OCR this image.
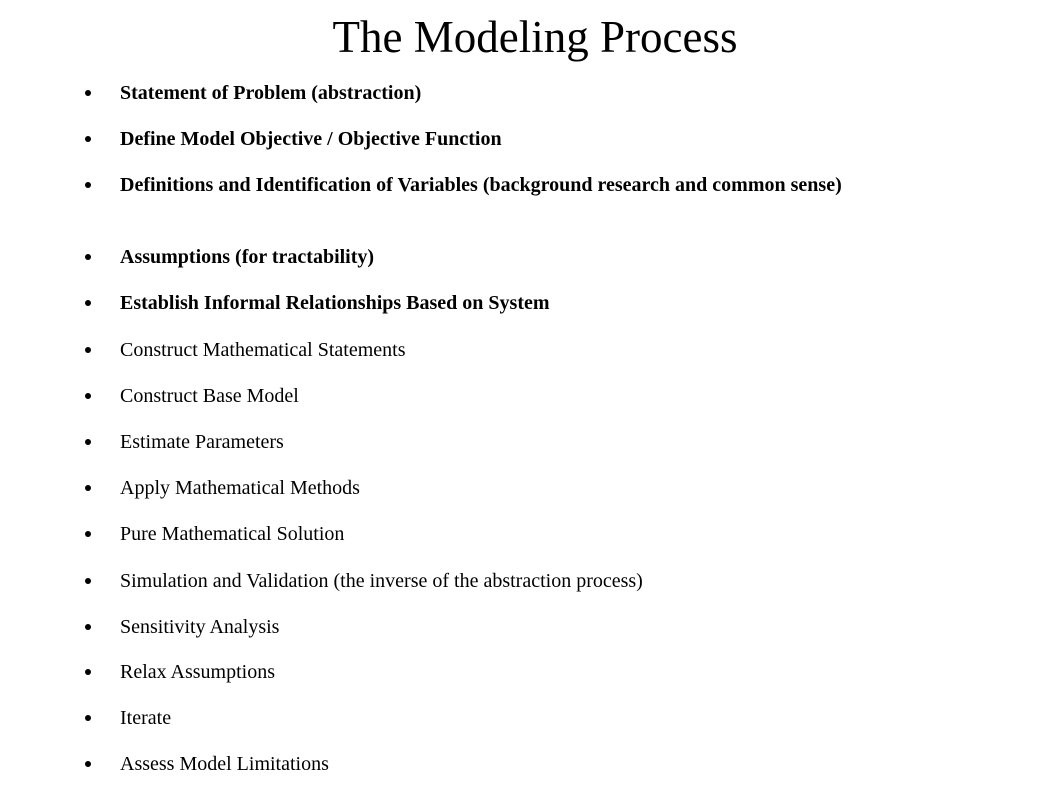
The Modeling Process
Statement of Problem (abstraction)
Define Model Objective / Objective Function
Definitions and Identification of Variables (background research and common sense)
Assumptions (for tractability)
Establish Informal Relationships Based on System
Construct Mathematical Statements
Construct Base Model
Estimate Parameters
Apply Mathematical Methods
Pure Mathematical Solution
Simulation and Validation (the inverse of the abstraction process)
Sensitivity Analysis
Relax Assumptions
Iterate
Assess Model Limitations
